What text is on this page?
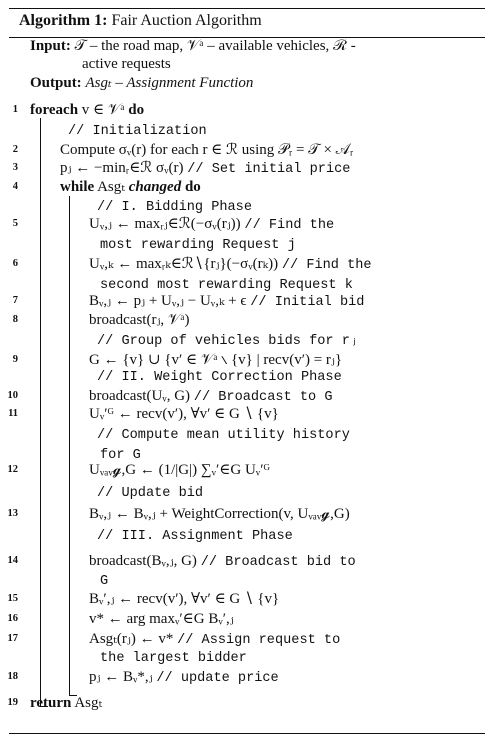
Algorithm 1: Fair Auction Algorithm
Input: 𝒯 – the road map, 𝒱ᵃ – available vehicles, ℛ -
active requests
Output: Asgₜ – Assignment Function
1 foreach v ∈ 𝒱ᵃ do
// Initialization
2	Compute σᵥ(r) for each r ∈ ℛ using 𝒫ᵣ = 𝒯 × 𝒜ᵣ
3	pⱼ ← −minᵣ∈ℛ σᵥ(r) // Set initial price
4	while Asgₜ changed do
// I. Bidding Phase
5	Uᵥ,ⱼ ← maxᵣⱼ∈ℛ(−σᵥ(rⱼ)) // Find the
most rewarding Request j
6	Uᵥ,ₖ ← maxᵣₖ∈ℛ∖{rⱼ}(−σᵥ(rₖ)) // Find the
second most rewarding Request k
7	Bᵥ,ⱼ ← pⱼ + Uᵥ,ⱼ − Uᵥ,ₖ + ϵ // Initial bid
8	broadcast(rⱼ, 𝒱ᵃ)
// Group of vehicles bids for rⱼ
9	G ← {v} ∪ {v′ ∈ 𝒱ᵃ ∖ {v} | recv(v′) = rⱼ}
// II. Weight Correction Phase
10	broadcast(Uᵥ, G) // Broadcast to G
11	Uᵥ′ᴳ ← recv(v′), ∀v′ ∈ G ∖ {v}
// Compute mean utility history
for G
12	Uᵥₐᵥ𝓰,G ← (1/|G|) ∑ᵥ′∈G Uᵥ′ᴳ
// Update bid
13	Bᵥ,ⱼ ← Bᵥ,ⱼ + WeightCorrection(v, Uᵥₐᵥ𝓰,G)
// III. Assignment Phase
14	broadcast(Bᵥ,ⱼ, G) // Broadcast bid to
G
15	Bᵥ′,ⱼ ← recv(v′), ∀v′ ∈ G ∖ {v}
16	v* ← arg maxᵥ′∈G Bᵥ′,ⱼ
17	Asgₜ(rⱼ) ← v* // Assign request to
the largest bidder
18	pⱼ ← Bᵥ*,ⱼ // update price
19 return Asgₜ
